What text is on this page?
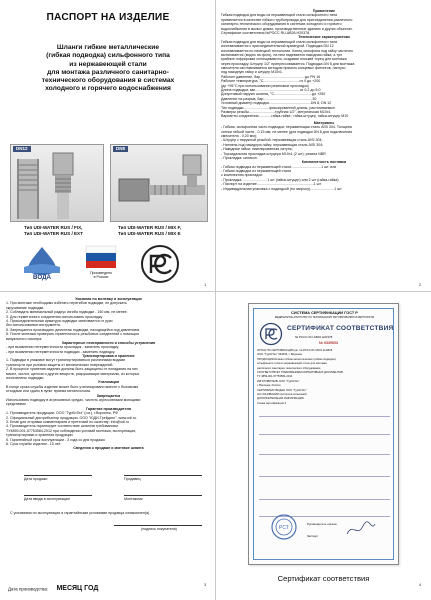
ПАСПОРТ НА ИЗДЕЛИЕ
Шланги гибкие металлические
(гибкая подводка) сильфонного типа
из нержавеющей стали
для монтажа различного санитарно-
технического оборудования в системах
холодного и горячего водоснабжения
DN12	DN8
Тип UDI-WATER RUS / FIX,
Тип UDI-WATER RUS / EXT
Тип UDI-WATER RUS / MIX F,
Тип UDI-WATER RUS / MIX E
ВОДА
Произведено
в России
1
Применение
Гибкая подводка для воды из нержавеющей стали сильфонного типа
применяется в качестве гибкого трубопровода для присоединения различного
санитарно-технического оборудования в системах холодного и горячего
водоснабжения в жилых домах, производственных зданиях и других объектах.
Сертификат соответствия №РОСС RU.АВ26.Н20378.
Технические характеристики
Гибкая подводка для воды из нержавеющей стали сильфонного типа
изготавливается с присоединительной арматурой. Подводка DN 12
изготавливается по немецкой технологии. Конец сильфона под гайку частично
вытягивается (видно на фото), на нем надевается накидная гайка, а трн
крайние гофрировки сплющиваются, создавая плоский торец для монтажа
через прокладку. Штуцер 1/2" припрессовывается. Подводка DN 8 для монтажа
смесителя изготавливается методом прямого концевых фитингов, наглухо
под накидную гайку и штуцер М10х1.
Рабочее давление, бар.............................................до PN 16
Рабочее температура, °С....................................от 0 до +200
(до +95°С при использовании резиновых прокладок)
Длина подводки, мм.............................................от 0,2 до 5,0
Допустимый наружн шланга, °С......................................до +250
Давление на разрыв, бар.................................................30
Условный диаметр подводки..........................................DN 8, DN 12
Тип подводки..........................фиксированной длины, растягиваемые
Размеры резьбы..........................трубная 1/2", метрическая М10х1
Варианты соединения.............гайка-гайка ; гайка-штуцер, гайка-штуцер М10
Материалы
- Гибкая, сильфонная часть подводки: нержавеющая сталь AISI 304. Толщина
стенки гибкой части - 0,15 мм, не менее (для подводки DN 8 для подключения
смесителя - 0,20 мм);
- Штуцер с наружной резьбой: нержавеющая сталь AISI 304;
- Ниппель под накидную гайку: нержавеющая сталь AISI 304;
- Накидные гайки: никелированная латунь;
- Тороидальная прокладка штуцера М10х1 (2 шт): резина NBR
- Прокладка: силикон
Комплектность поставки
- Гибкая подводка из нержавеющей стали..............................1 шт. или
- Гибкая подводка из нержавеющей стали
с комплектом прокладок:
- Прокладка..........................1 шт (гайка-штуцер) или 2 шт (гайка-гайка)
- Паспорт на изделие.........................................................1 шт
- Индивидуальная упаковка с подводкой (по запросу)........................1 шт
2
Указания по монтажу и эксплуатации
1. При монтаже необходимо избегать перегибов подводки, не допускать
скручивание подводки.
2. Соблюдать минимальный радиус изгиба подводки - 150 мм, не менее.
3. Для герметичного соединения использовать прокладку.
4. Присоединительная арматура подводки затягивается от руки
без использования инструмента.
5. Запрещается производить демонтаж подводки, находящейся под давлением.
6. После монтажа проверить герметичность резьбовых соединений с помощью
визуального осмотра.
Характерные неисправности и способы устранения
- при выявлении негерметичности прокладок - заменить прокладку;
- при выявлении негерметичности подводки - заменить подводку.
Транспортировка и хранение
1. Подводки в упаковке могут транспортироваться различными видами
транспорта при условии защиты от механических повреждений.
2. В процессе хранения изделия должны быть защищены от попадания на них
масел, кислот, щелочи и других веществ, разрушающих материалы, из которых
изготовлены подводки.
Утилизация
В конце срока службы изделие может быть утилизировано вместе с бытовыми
отходами или сдано в пункт приема металлолома.
Запрещается
Использовать подводку в агрессивных средах, чистить агрессивными моющими
средствами.
Гарантия производителя
1. Производитель продукции: ООО "ТурбоТех" (г.м.), г.Воронеж, РФ
2. Официальный дистрибьютор продукции: ООО "ЮДИ-Трейдинг", www.udi.ru.
3. Email для отправки комментариев и претензий по качеству: info@udi.ru
4. Производитель гарантирует соответствие шлангов требованиям
ТУ4859-001-57753584-2012 при соблюдении условий монтажа, эксплуатации,
транспортировки и хранения продукции.
5. Гарантийный срок эксплуатации - 3 года со дня продажи.
6. Срок службы изделия - 15 лет.
Сведения о продаже и монтаже шланга
Дата продажи	Продавец
Дата ввода в эксплуатацию	Монтажник
С условиями по эксплуатации и гарантийными условиями продавца ознакомлен(а)
(подпись покупателя)
Дата производства: МЕСЯЦ ГОД
3
СИСТЕМА СЕРТИФИКАЦИИ ГОСТ Р
ФЕДЕРАЛЬНОЕ АГЕНТСТВО ПО ТЕХНИЧЕСКОМУ РЕГУЛИРОВАНИЮ И МЕТРОЛОГИИ
СЕРТИФИКАТ СООТВЕТСТВИЯ
№ РОСС RU.АВ26.Н20378
№ 0339003
ОРГАН ПО СЕРТИФИКАЦИИ рег. № РОСС RU.0001.11АВ26
ООО "ТурбоТех" 394033, г. Воронеж
ПРОДУКЦИЯ Шланги гибкие металлические (гибкая подводка)
сильфонного типа из нержавеющей стали для монтажа
различного санитарно-технического оборудования
СООТВЕТСТВУЕТ ТРЕБОВАНИЯМ НОРМАТИВНЫХ ДОКУМЕНТОВ
ТУ 4859-001-57753584-2012
ИЗГОТОВИТЕЛЬ ООО "ТурбоТех"
г. Воронеж, Россия
СЕРТИФИКАТ ВЫДАН ООО "ТурбоТех"
НА ОСНОВАНИИ протокола испытаний
ДОПОЛНИТЕЛЬНАЯ ИНФОРМАЦИЯ
Схема сертификации 3
PCT
Руководитель органа
Эксперт
Сертификат соответствия
4
